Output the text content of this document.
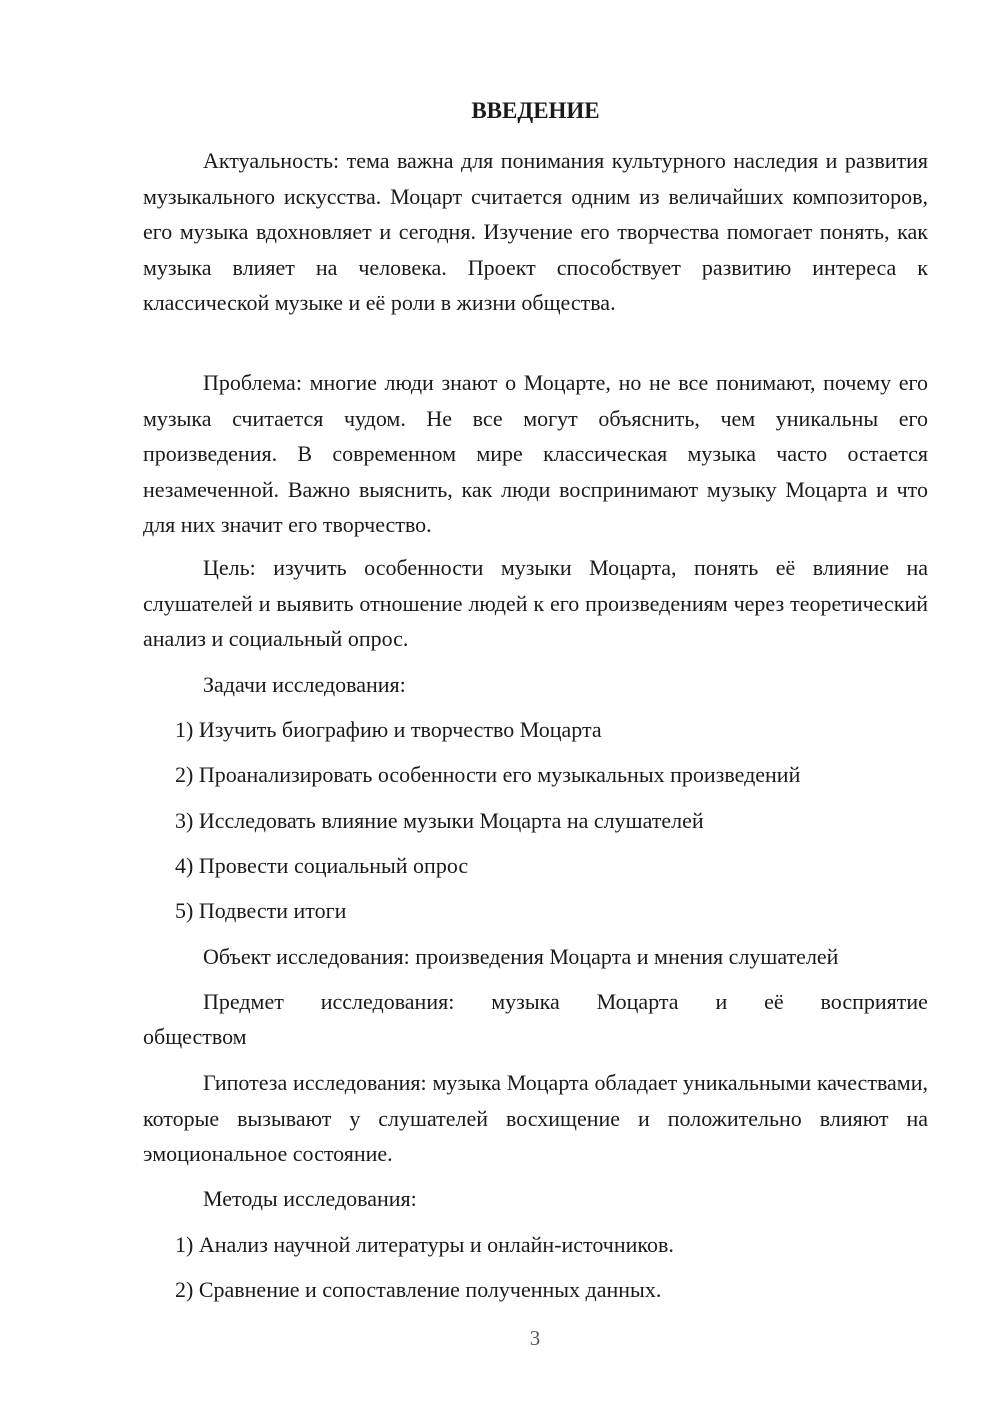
ВВЕДЕНИЕ

Актуальность: тема важна для понимания культурного наследия и развития музыкального искусства. Моцарт считается одним из величайших композиторов, его музыка вдохновляет и сегодня. Изучение его творчества помогает понять, как музыка влияет на человека. Проект способствует развитию интереса к классической музыке и её роли в жизни общества.

Проблема: многие люди знают о Моцарте, но не все понимают, почему его музыка считается чудом. Не все могут объяснить, чем уникальны его произведения. В современном мире классическая музыка часто остается незамеченной. Важно выяснить, как люди воспринимают музыку Моцарта и что для них значит его творчество.

Цель: изучить особенности музыки Моцарта, понять её влияние на слушателей и выявить отношение людей к его произведениям через теоретический анализ и социальный опрос.

Задачи исследования:

1) Изучить биографию и творчество Моцарта

2) Проанализировать особенности его музыкальных произведений

3) Исследовать влияние музыки Моцарта на слушателей

4) Провести социальный опрос

5) Подвести итоги

Объект исследования: произведения Моцарта и мнения слушателей

Предмет исследования: музыка Моцарта и её восприятие

обществом

Гипотеза исследования: музыка Моцарта обладает уникальными качествами, которые вызывают у слушателей восхищение и положительно влияют на эмоциональное состояние.

Методы исследования:

1) Анализ научной литературы и онлайн-источников.

2) Сравнение и сопоставление полученных данных.

3
